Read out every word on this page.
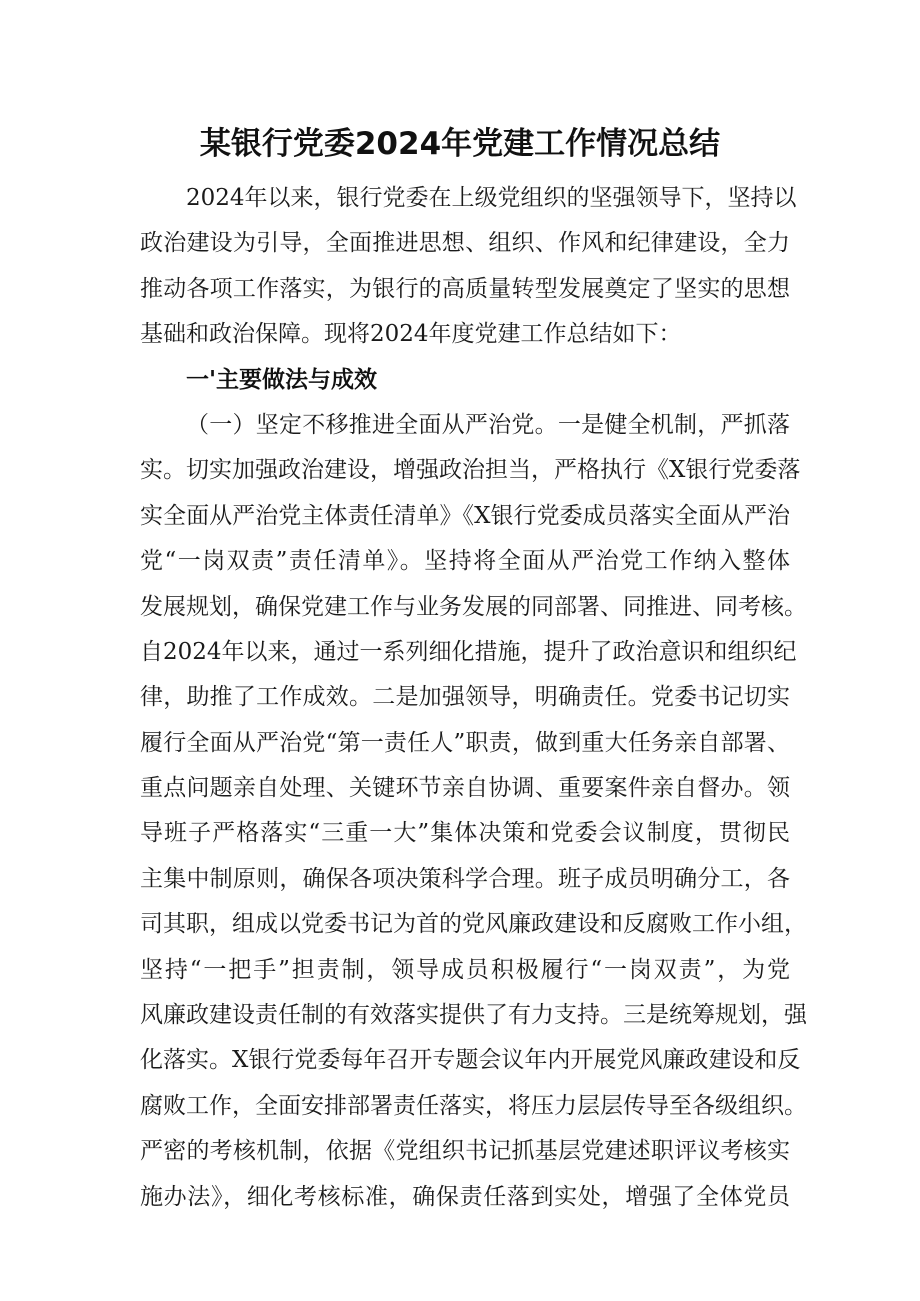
某银行党委2024年党建工作情况总结
2024年以来，银行党委在上级党组织的坚强领导下，坚持以
政治建设为引导，全面推进思想、组织、作风和纪律建设，全力
推动各项工作落实，为银行的高质量转型发展奠定了坚实的思想
基础和政治保障。现将2024年度党建工作总结如下：
一'主要做法与成效
（一）坚定不移推进全面从严治党。一是健全机制，严抓落
实。切实加强政治建设，增强政治担当，严格执行《X银行党委落
实全面从严治党主体责任清单》《X银行党委成员落实全面从严治
党“一岗双责”责任清单》。坚持将全面从严治党工作纳入整体
发展规划，确保党建工作与业务发展的同部署、同推进、同考核。
自2024年以来，通过一系列细化措施，提升了政治意识和组织纪
律，助推了工作成效。二是加强领导，明确责任。党委书记切实
履行全面从严治党“第一责任人”职责，做到重大任务亲自部署、
重点问题亲自处理、关键环节亲自协调、重要案件亲自督办。领
导班子严格落实“三重一大”集体决策和党委会议制度，贯彻民
主集中制原则，确保各项决策科学合理。班子成员明确分工，各
司其职，组成以党委书记为首的党风廉政建设和反腐败工作小组，
坚持“一把手”担责制，领导成员积极履行“一岗双责”，为党
风廉政建设责任制的有效落实提供了有力支持。三是统筹规划，强
化落实。X银行党委每年召开专题会议年内开展党风廉政建设和反
腐败工作，全面安排部署责任落实，将压力层层传导至各级组织。
严密的考核机制，依据《党组织书记抓基层党建述职评议考核实
施办法》，细化考核标准，确保责任落到实处，增强了全体党员
